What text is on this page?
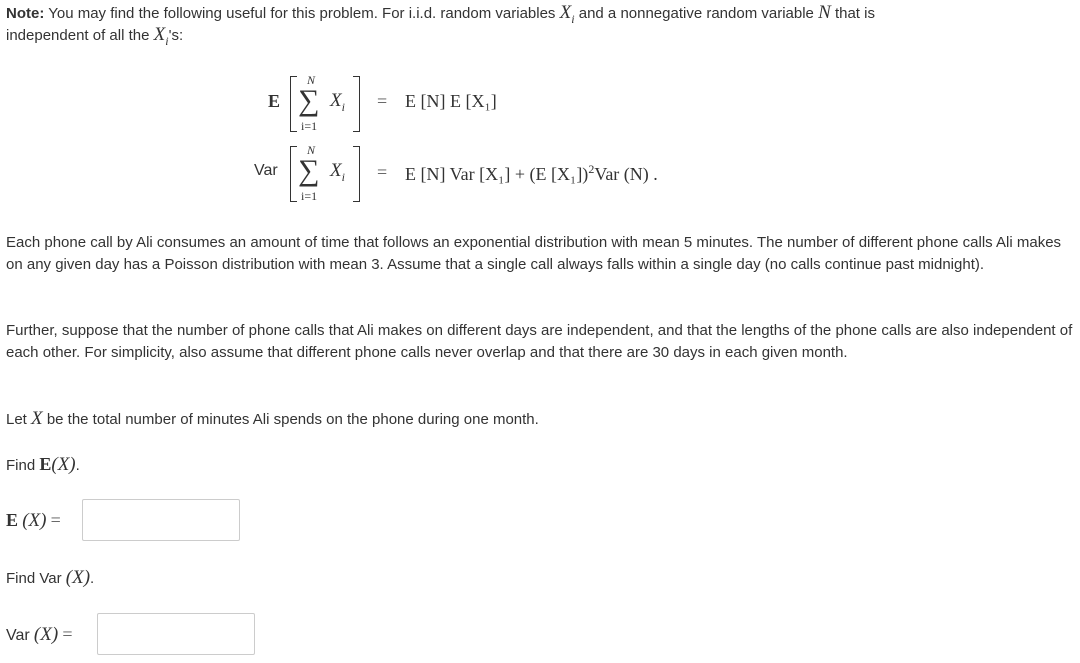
Note: You may find the following useful for this problem. For i.i.d. random variables $X_i$ and a nonnegative random variable N that is
independent of all the $X_i's$:
E
N
∑
i=1
$X_i = E$ [N] E [X₁]
Var
N
∑
i=1
$X_i = E$ [N] Var [X₁] + (E [X₁])$^2$Var (N) .
Each phone call by Ali consumes an amount of time that follows an exponential distribution with mean 5 minutes. The number of different phone calls Ali makes on any given day has a Poisson distribution with mean 3. Assume that a single call always falls within a single day (no calls continue past midnight).
Further, suppose that the number of phone calls that Ali makes on different days are independent, and that the lengths of the phone calls are also independent of each other. For simplicity, also assume that different phone calls never overlap and that there are 30 days in each given month.
Let X be the total number of minutes Ali spends on the phone during one month.
Find E(X).
E (X) =
Find Var (X).
Var (X) =
